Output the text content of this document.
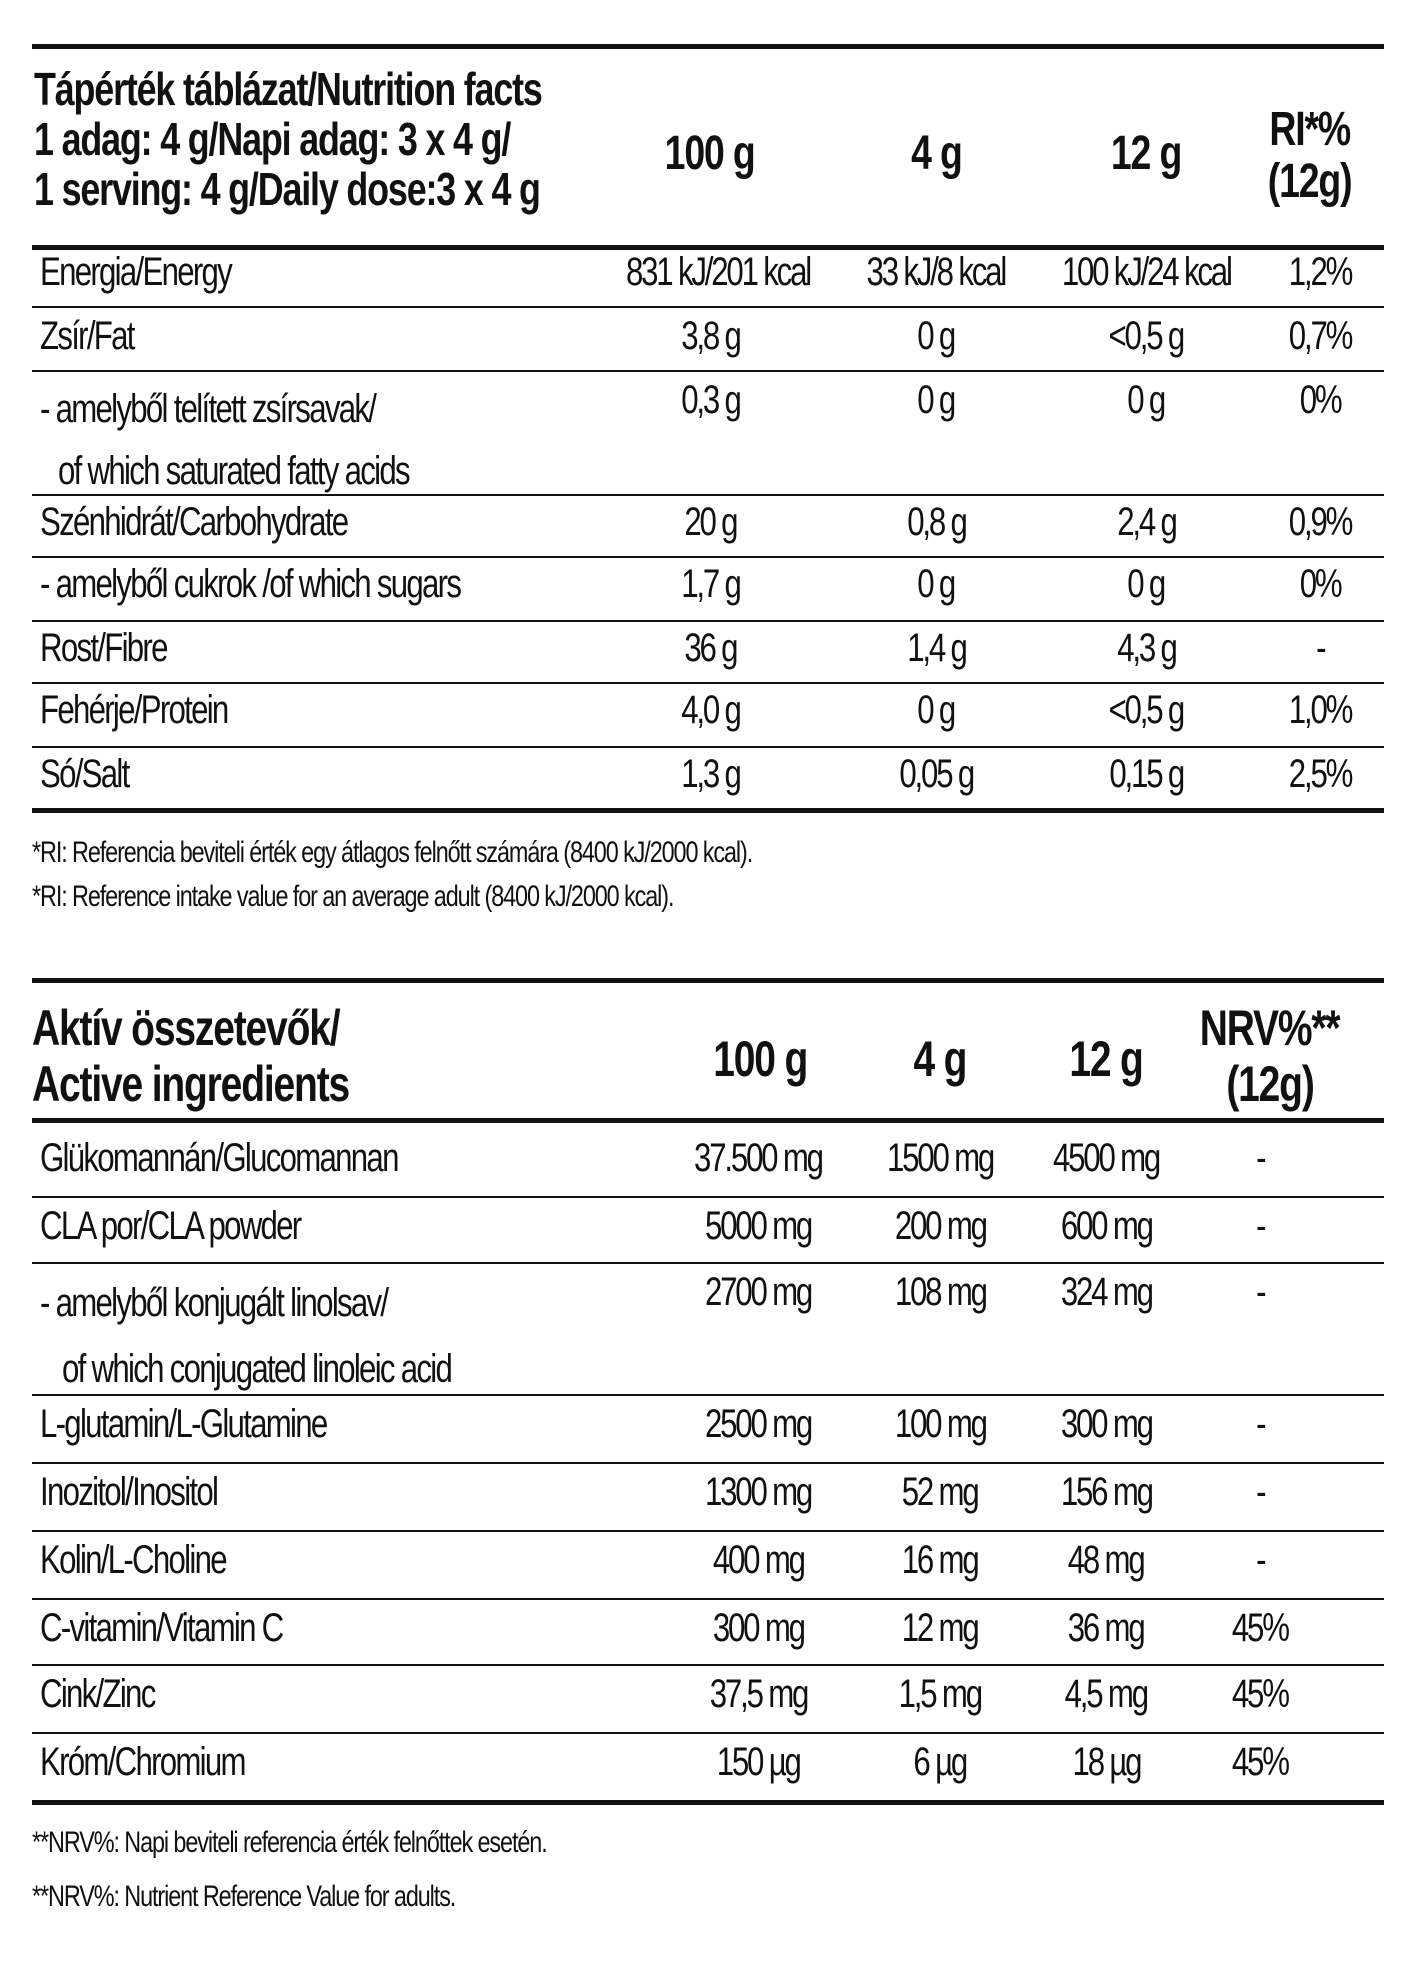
Tápérték táblázat/Nutrition facts
1 adag: 4 g/Napi adag: 3 x 4 g/
1 serving: 4 g/Daily dose:3 x 4 g
100 g	4 g	12 g	RI*%
(12g)
Energia/Energy	831 kJ/201 kcal	33 kJ/8 kcal	100 kJ/24 kcal	1,2%
Zsír/Fat	3,8 g	0 g	<0,5 g	0,7%
- amelyből telített zsírsavak/
of which saturated fatty acids
0,3 g	0 g	0 g	0%
Szénhidrát/Carbohydrate	20 g	0,8 g	2,4 g	0,9%
- amelyből cukrok /of which sugars	1,7 g	0 g	0 g	0%
Rost/Fibre	36 g	1,4 g	4,3 g	-
Fehérje/Protein	4,0 g	0 g	<0,5 g	1,0%
Só/Salt	1,3 g	0,05 g	0,15 g	2,5%
*RI: Referencia beviteli érték egy átlagos felnőtt számára (8400 kJ/2000 kcal).
*RI: Reference intake value for an average adult (8400 kJ/2000 kcal).
Aktív összetevők/
Active ingredients	100 g	4 g	12 g
NRV%**
(12g)
Glükomannán/Glucomannan	37.500 mg	1500 mg	4500 mg	-
CLA por/CLA powder	5000 mg	200 mg	600 mg	-
- amelyből konjugált linolsav/
of which conjugated linoleic acid
2700 mg	108 mg	324 mg	-
L-glutamin/L-Glutamine	2500 mg	100 mg	300 mg	-
Inozitol/Inositol	1300 mg	52 mg	156 mg	-
Kolin/L-Choline	400 mg	16 mg	48 mg	-
C-vitamin/Vitamin C	300 mg	12 mg	36 mg	45%
Cink/Zinc	37,5 mg	1,5 mg	4,5 mg	45%
Króm/Chromium	150 µg	6 µg	18 µg	45%
**NRV%: Napi beviteli referencia érték felnőttek esetén.
**NRV%: Nutrient Reference Value for adults.
